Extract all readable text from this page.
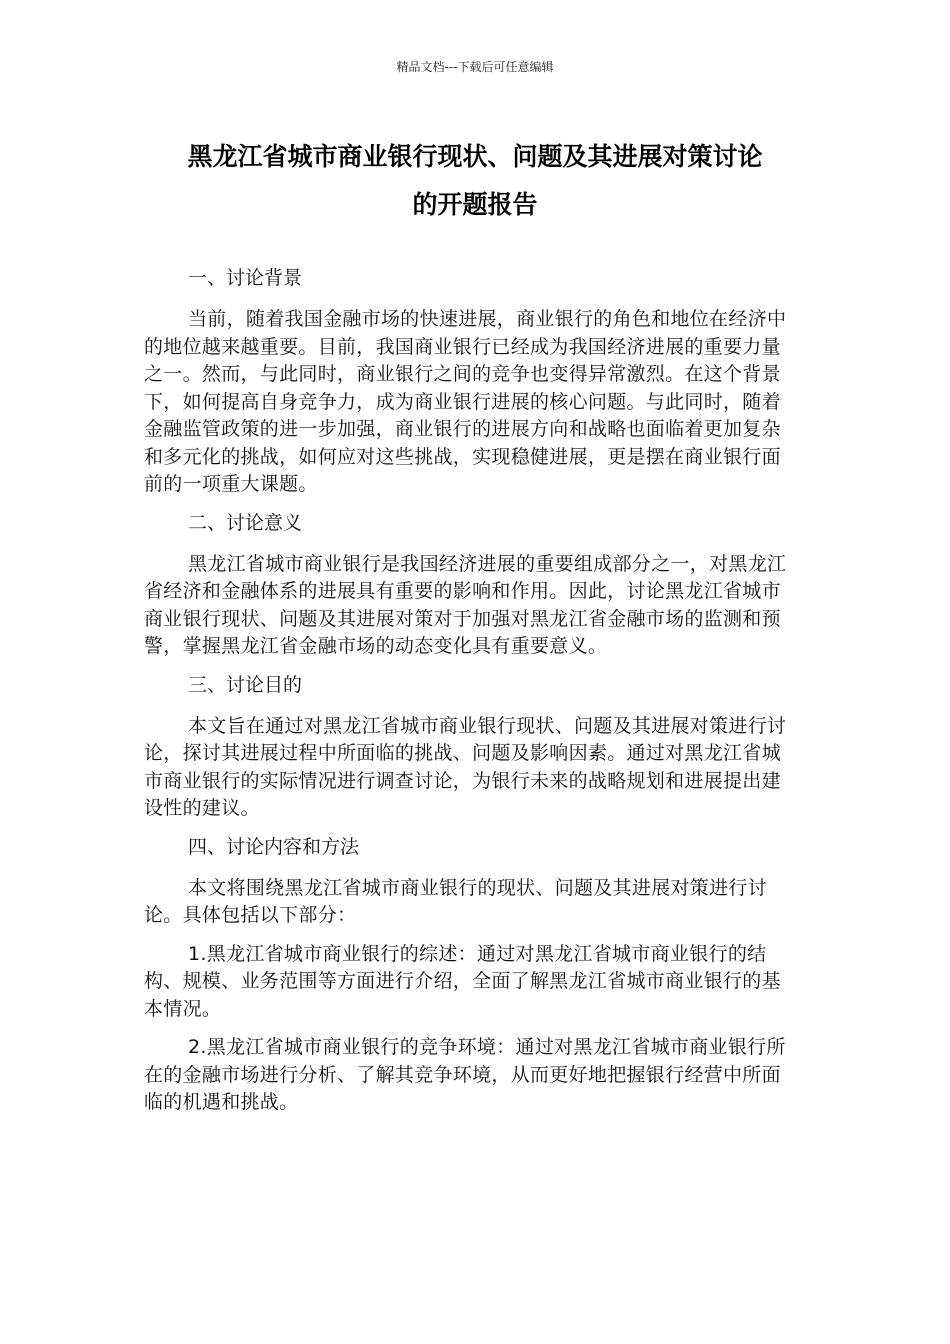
精品文档---下载后可任意编辑
黑龙江省城市商业银行现状、问题及其进展对策讨论
的开题报告
一、讨论背景

当前，随着我国金融市场的快速进展，商业银行的角色和地位在经济中的地位越来越重要。目前，我国商业银行已经成为我国经济进展的重要力量之一。然而，与此同时，商业银行之间的竞争也变得异常激烈。在这个背景下，如何提高自身竞争力，成为商业银行进展的核心问题。与此同时，随着金融监管政策的进一步加强，商业银行的进展方向和战略也面临着更加复杂和多元化的挑战，如何应对这些挑战，实现稳健进展，更是摆在商业银行面前的一项重大课题。

二、讨论意义

黑龙江省城市商业银行是我国经济进展的重要组成部分之一，对黑龙江省经济和金融体系的进展具有重要的影响和作用。因此，讨论黑龙江省城市商业银行现状、问题及其进展对策对于加强对黑龙江省金融市场的监测和预警，掌握黑龙江省金融市场的动态变化具有重要意义。

三、讨论目的

本文旨在通过对黑龙江省城市商业银行现状、问题及其进展对策进行讨论，探讨其进展过程中所面临的挑战、问题及影响因素。通过对黑龙江省城市商业银行的实际情况进行调查讨论，为银行未来的战略规划和进展提出建设性的建议。

四、讨论内容和方法

本文将围绕黑龙江省城市商业银行的现状、问题及其进展对策进行讨论。具体包括以下部分：

1.黑龙江省城市商业银行的综述：通过对黑龙江省城市商业银行的结构、规模、业务范围等方面进行介绍，全面了解黑龙江省城市商业银行的基本情况。

2.黑龙江省城市商业银行的竞争环境：通过对黑龙江省城市商业银行所在的金融市场进行分析、了解其竞争环境，从而更好地把握银行经营中所面临的机遇和挑战。
